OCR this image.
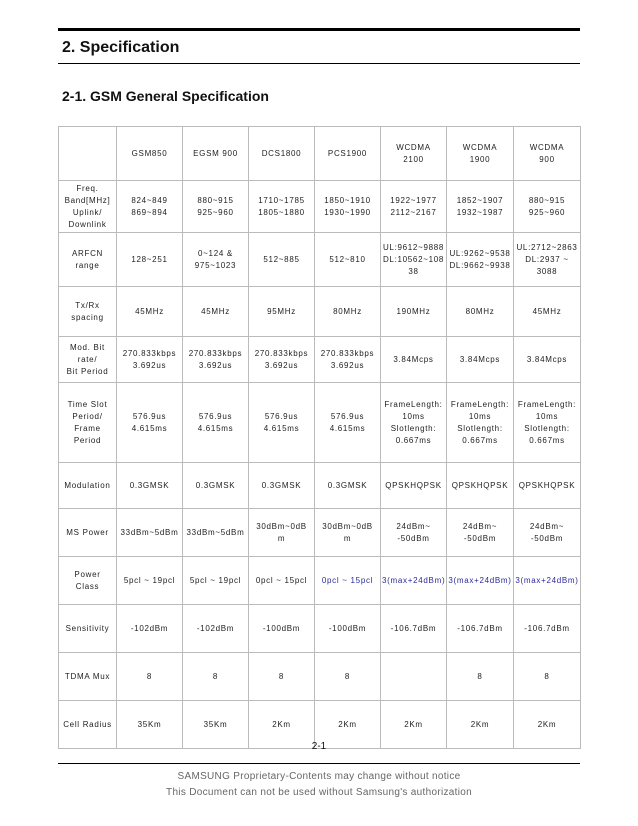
2. Specification
2-1. GSM General Specification
	GSM850	EGSM 900	DCS1800	PCS1900	WCDMA
2100	WCDMA
1900	WCDMA
900
Freq.
Band[MHz]
Uplink/
Downlink	824~849
869~894	880~915
925~960	1710~1785
1805~1880	1850~1910
1930~1990	1922~1977
2112~2167	1852~1907
1932~1987	880~915
925~960
ARFCN
range	128~251	0~124 &
975~1023	512~885	512~810	UL:9612~9888
DL:10562~108
38	UL:9262~9538
DL:9662~9938	UL:2712~2863
DL:2937 ~
3088
Tx/Rx
spacing	45MHz	45MHz	95MHz	80MHz	190MHz	80MHz	45MHz
Mod. Bit
rate/
Bit Period	270.833kbps
3.692us	270.833kbps
3.692us	270.833kbps
3.692us	270.833kbps
3.692us	3.84Mcps	3.84Mcps	3.84Mcps
Time Slot
Period/
Frame
Period	576.9us
4.615ms	576.9us
4.615ms	576.9us
4.615ms	576.9us
4.615ms	FrameLength:
10ms
Slotlength:
0.667ms	FrameLength:
10ms
Slotlength:
0.667ms	FrameLength:
10ms
Slotlength:
0.667ms
Modulation	0.3GMSK	0.3GMSK	0.3GMSK	0.3GMSK	QPSKHQPSK	QPSKHQPSK	QPSKHQPSK
MS Power	33dBm~5dBm	33dBm~5dBm	30dBm~0dB
m	30dBm~0dB
m	24dBm~
-50dBm	24dBm~
-50dBm	24dBm~
-50dBm
Power
Class	5pcl ~ 19pcl	5pcl ~ 19pcl	0pcl ~ 15pcl	0pcl ~ 15pcl	3(max+24dBm)	3(max+24dBm)	3(max+24dBm)
Sensitivity	-102dBm	-102dBm	-100dBm	-100dBm	-106.7dBm	-106.7dBm	-106.7dBm
TDMA Mux	8	8	8	8		8	8
Cell Radius	35Km	35Km	2Km	2Km	2Km	2Km	2Km
2-1
SAMSUNG Proprietary-Contents may change without notice
This Document can not be used without Samsung's authorization
